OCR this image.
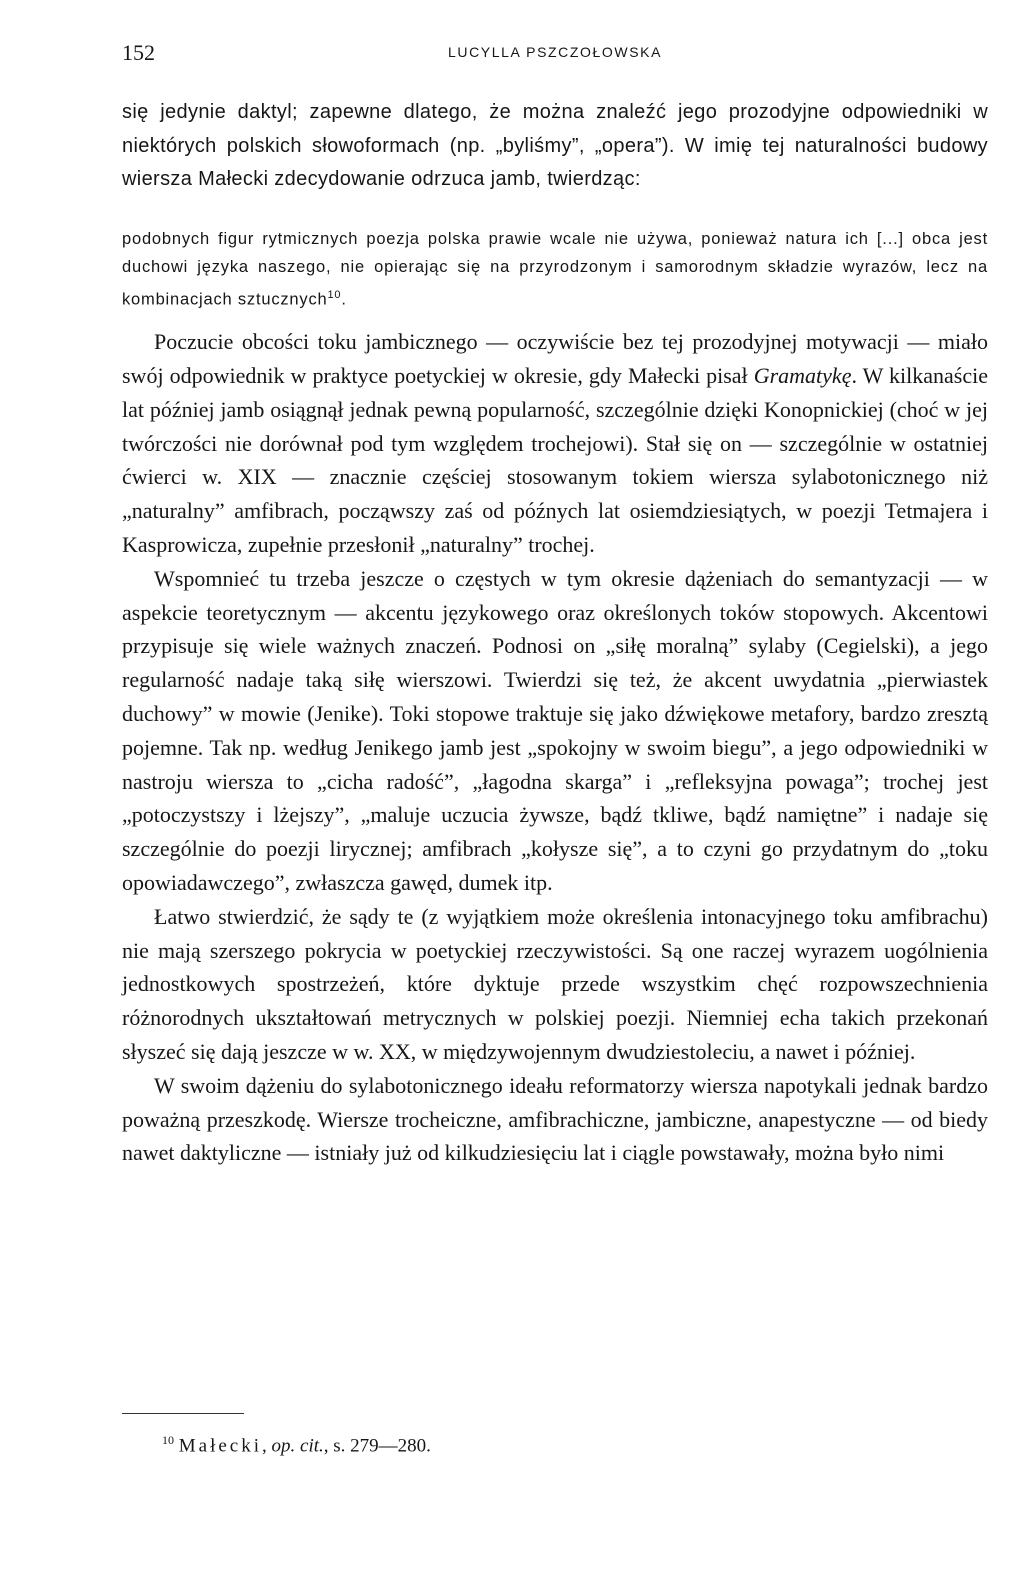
152	LUCYLLA PSZCZOŁOWSKA

się jedynie daktyl; zapewne dlatego, że można znaleźć jego prozodyjne odpowiedniki w niektórych polskich słowoformach (np. „byliśmy”, „opera”). W imię tej naturalności budowy wiersza Małecki zdecydowanie odrzuca jamb, twierdząc:

podobnych figur rytmicznych poezja polska prawie wcale nie używa, ponieważ natura ich [...] obca jest duchowi języka naszego, nie opierając się na przyrodzonym i samorodnym składzie wyrazów, lecz na kombinacjach sztucznych$^{10}$.

Poczucie obcości toku jambicznego — oczywiście bez tej prozodyjnej motywacji — miało swój odpowiednik w praktyce poetyckiej w okresie, gdy Małecki pisał Gramatykę. W kilkanaście lat później jamb osiągnął jednak pewną popularność, szczególnie dzięki Konopnickiej (choć w jej twórczości nie dorównał pod tym względem trochejowi). Stał się on — szczególnie w ostatniej ćwierci w. XIX — znacznie częściej stosowanym tokiem wiersza sylabotonicznego niż „naturalny” amfibrach, począwszy zaś od późnych lat osiemdziesiątych, w poezji Tetmajera i Kasprowicza, zupełnie przesłonił „naturalny” trochej.

Wspomnieć tu trzeba jeszcze o częstych w tym okresie dążeniach do semantyzacji — w aspekcie teoretycznym — akcentu językowego oraz określonych toków stopowych. Akcentowi przypisuje się wiele ważnych znaczeń. Podnosi on „siłę moralną” sylaby (Cegielski), a jego regularność nadaje taką siłę wierszowi. Twierdzi się też, że akcent uwydatnia „pierwiastek duchowy” w mowie (Jenike). Toki stopowe traktuje się jako dźwiękowe metafory, bardzo zresztą pojemne. Tak np. według Jenikego jamb jest „spokojny w swoim biegu”, a jego odpowiedniki w nastroju wiersza to „cicha radość”, „łagodna skarga” i „refleksyjna powaga”; trochej jest „potoczystszy i lżejszy”, „maluje uczucia żywsze, bądź tkliwe, bądź namiętne” i nadaje się szczególnie do poezji lirycznej; amfibrach „kołysze się”, a to czyni go przydatnym do „toku opowiadawczego”, zwłaszcza gawęd, dumek itp.

Łatwo stwierdzić, że sądy te (z wyjątkiem może określenia intonacyjnego toku amfibrachu) nie mają szerszego pokrycia w poetyckiej rzeczywistości. Są one raczej wyrazem uogólnienia jednostkowych spostrzeżeń, które dyktuje przede wszystkim chęć rozpowszechnienia różnorodnych ukształtowań metrycznych w polskiej poezji. Niemniej echa takich przekonań słyszeć się dają jeszcze w w. XX, w międzywojennym dwudziestoleciu, a nawet i później.

W swoim dążeniu do sylabotonicznego ideału reformatorzy wiersza napotykali jednak bardzo poważną przeszkodę. Wiersze trocheiczne, amfibrachiczne, jambiczne, anapestyczne — od biedy nawet daktyliczne — istniały już od kilkudziesięciu lat i ciągle powstawały, można było nimi

$^{10}$ Małecki, op. cit., s. 279—280.
